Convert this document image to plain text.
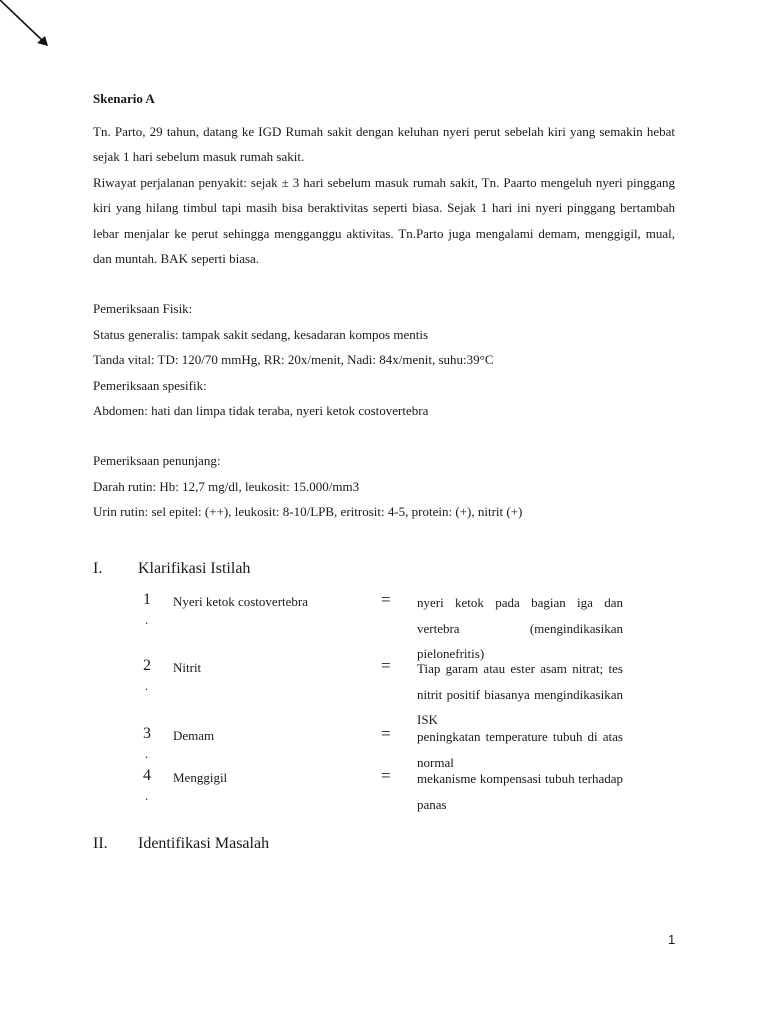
Skenario A

Tn. Parto, 29 tahun, datang ke IGD Rumah sakit dengan keluhan nyeri perut sebelah kiri yang semakin hebat sejak 1 hari sebelum masuk rumah sakit.

Riwayat perjalanan penyakit: sejak ± 3 hari sebelum masuk rumah sakit, Tn. Paarto mengeluh nyeri pinggang kiri yang hilang timbul tapi masih bisa beraktivitas seperti biasa. Sejak 1 hari ini nyeri pinggang bertambah lebar menjalar ke perut sehingga mengganggu aktivitas. Tn.Parto juga mengalami demam, menggigil, mual, dan muntah. BAK seperti biasa.

Pemeriksaan Fisik:

Status generalis: tampak sakit sedang, kesadaran kompos mentis

Tanda vital: TD: 120/70 mmHg, RR: 20x/menit, Nadi: 84x/menit, suhu:39°C

Pemeriksaan spesifik:

Abdomen: hati dan limpa tidak teraba, nyeri ketok costovertebra

Pemeriksaan penunjang:

Darah rutin: Hb: 12,7 mg/dl, leukosit: 15.000/mm3

Urin rutin: sel epitel: (++), leukosit: 8-10/LPB, eritrosit: 4-5, protein: (+), nitrit (+)

I.	Klarifikasi Istilah
1
.
Nyeri ketok costovertebra	= nyeri ketok pada bagian iga dan vertebra (mengindikasikan pielonefritis)
2
.
Nitrit	= Tiap garam atau ester asam nitrat; tes nitrit positif biasanya mengindikasikan ISK
3
.
Demam	= peningkatan temperature tubuh di atas normal
4
.
Menggigil	= mekanisme kompensasi tubuh terhadap panas
II.	Identifikasi Masalah
1
